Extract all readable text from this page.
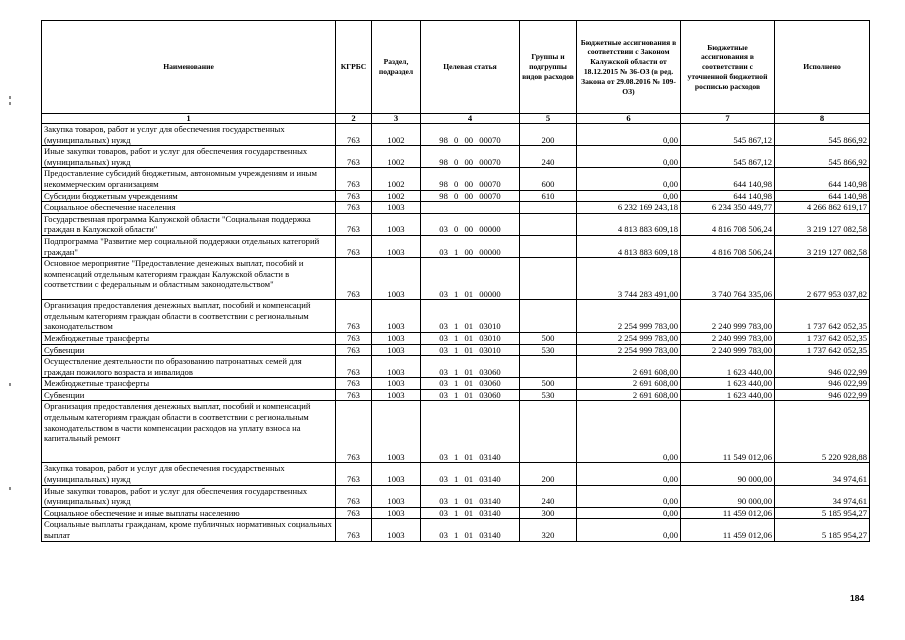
Наименование	КГРБС	Раздел, подраздел	Целевая статья	Группы и подгруппы видов расходов	Бюджетные ассигнования в соответствии с Законом Калужской области от 18.12.2015 № 36-ОЗ (в ред. Закона от 29.08.2016 № 109-ОЗ)	Бюджетные ассигнования в соответствии с уточненной бюджетной росписью расходов	Исполнено
1	2	3	4	5	6	7	8
Закупка товаров, работ и услуг для обеспечения государственных (муниципальных) нужд	763	1002	98 0 00 00070	200	0,00	545 867,12	545 866,92
Иные закупки товаров, работ и услуг для обеспечения государственных (муниципальных) нужд	763	1002	98 0 00 00070	240	0,00	545 867,12	545 866,92
Предоставление субсидий бюджетным, автономным учреждениям и иным некоммерческим организациям	763	1002	98 0 00 00070	600	0,00	644 140,98	644 140,98
Субсидии бюджетным учреждениям	763	1002	98 0 00 00070	610	0,00	644 140,98	644 140,98
Социальное обеспечение населения	763	1003			6 232 169 243,18	6 234 350 449,77	4 266 862 619,17
Государственная программа Калужской области "Социальная поддержка граждан в Калужской области"	763	1003	03 0 00 00000		4 813 883 609,18	4 816 708 506,24	3 219 127 082,58
Подпрограмма "Развитие мер социальной поддержки отдельных категорий граждан"	763	1003	03 1 00 00000		4 813 883 609,18	4 816 708 506,24	3 219 127 082,58
Основное мероприятие "Предоставление денежных выплат, пособий и компенсаций отдельным категориям граждан Калужской области в соответствии с федеральным и областным законодательством"	763	1003	03 1 01 00000		3 744 283 491,00	3 740 764 335,06	2 677 953 037,82
Организация предоставления денежных выплат, пособий и компенсаций отдельным категориям граждан области в соответствии с региональным законодательством	763	1003	03 1 01 03010		2 254 999 783,00	2 240 999 783,00	1 737 642 052,35
Межбюджетные трансферты	763	1003	03 1 01 03010	500	2 254 999 783,00	2 240 999 783,00	1 737 642 052,35
Субвенции	763	1003	03 1 01 03010	530	2 254 999 783,00	2 240 999 783,00	1 737 642 052,35
Осуществление деятельности по образованию патронатных семей для граждан пожилого возраста и инвалидов	763	1003	03 1 01 03060		2 691 608,00	1 623 440,00	946 022,99
Межбюджетные трансферты	763	1003	03 1 01 03060	500	2 691 608,00	1 623 440,00	946 022,99
Субвенции	763	1003	03 1 01 03060	530	2 691 608,00	1 623 440,00	946 022,99
Организация предоставления денежных выплат, пособий и компенсаций отдельным категориям граждан области в соответствии с региональным законодательством в части компенсации расходов на уплату взноса на капитальный ремонт	763	1003	03 1 01 03140		0,00	11 549 012,06	5 220 928,88
Закупка товаров, работ и услуг для обеспечения государственных (муниципальных) нужд	763	1003	03 1 01 03140	200	0,00	90 000,00	34 974,61
Иные закупки товаров, работ и услуг для обеспечения государственных (муниципальных) нужд	763	1003	03 1 01 03140	240	0,00	90 000,00	34 974,61
Социальное обеспечение и иные выплаты населению	763	1003	03 1 01 03140	300	0,00	11 459 012,06	5 185 954,27
Социальные выплаты гражданам, кроме публичных нормативных социальных выплат	763	1003	03 1 01 03140	320	0,00	11 459 012,06	5 185 954,27
184
